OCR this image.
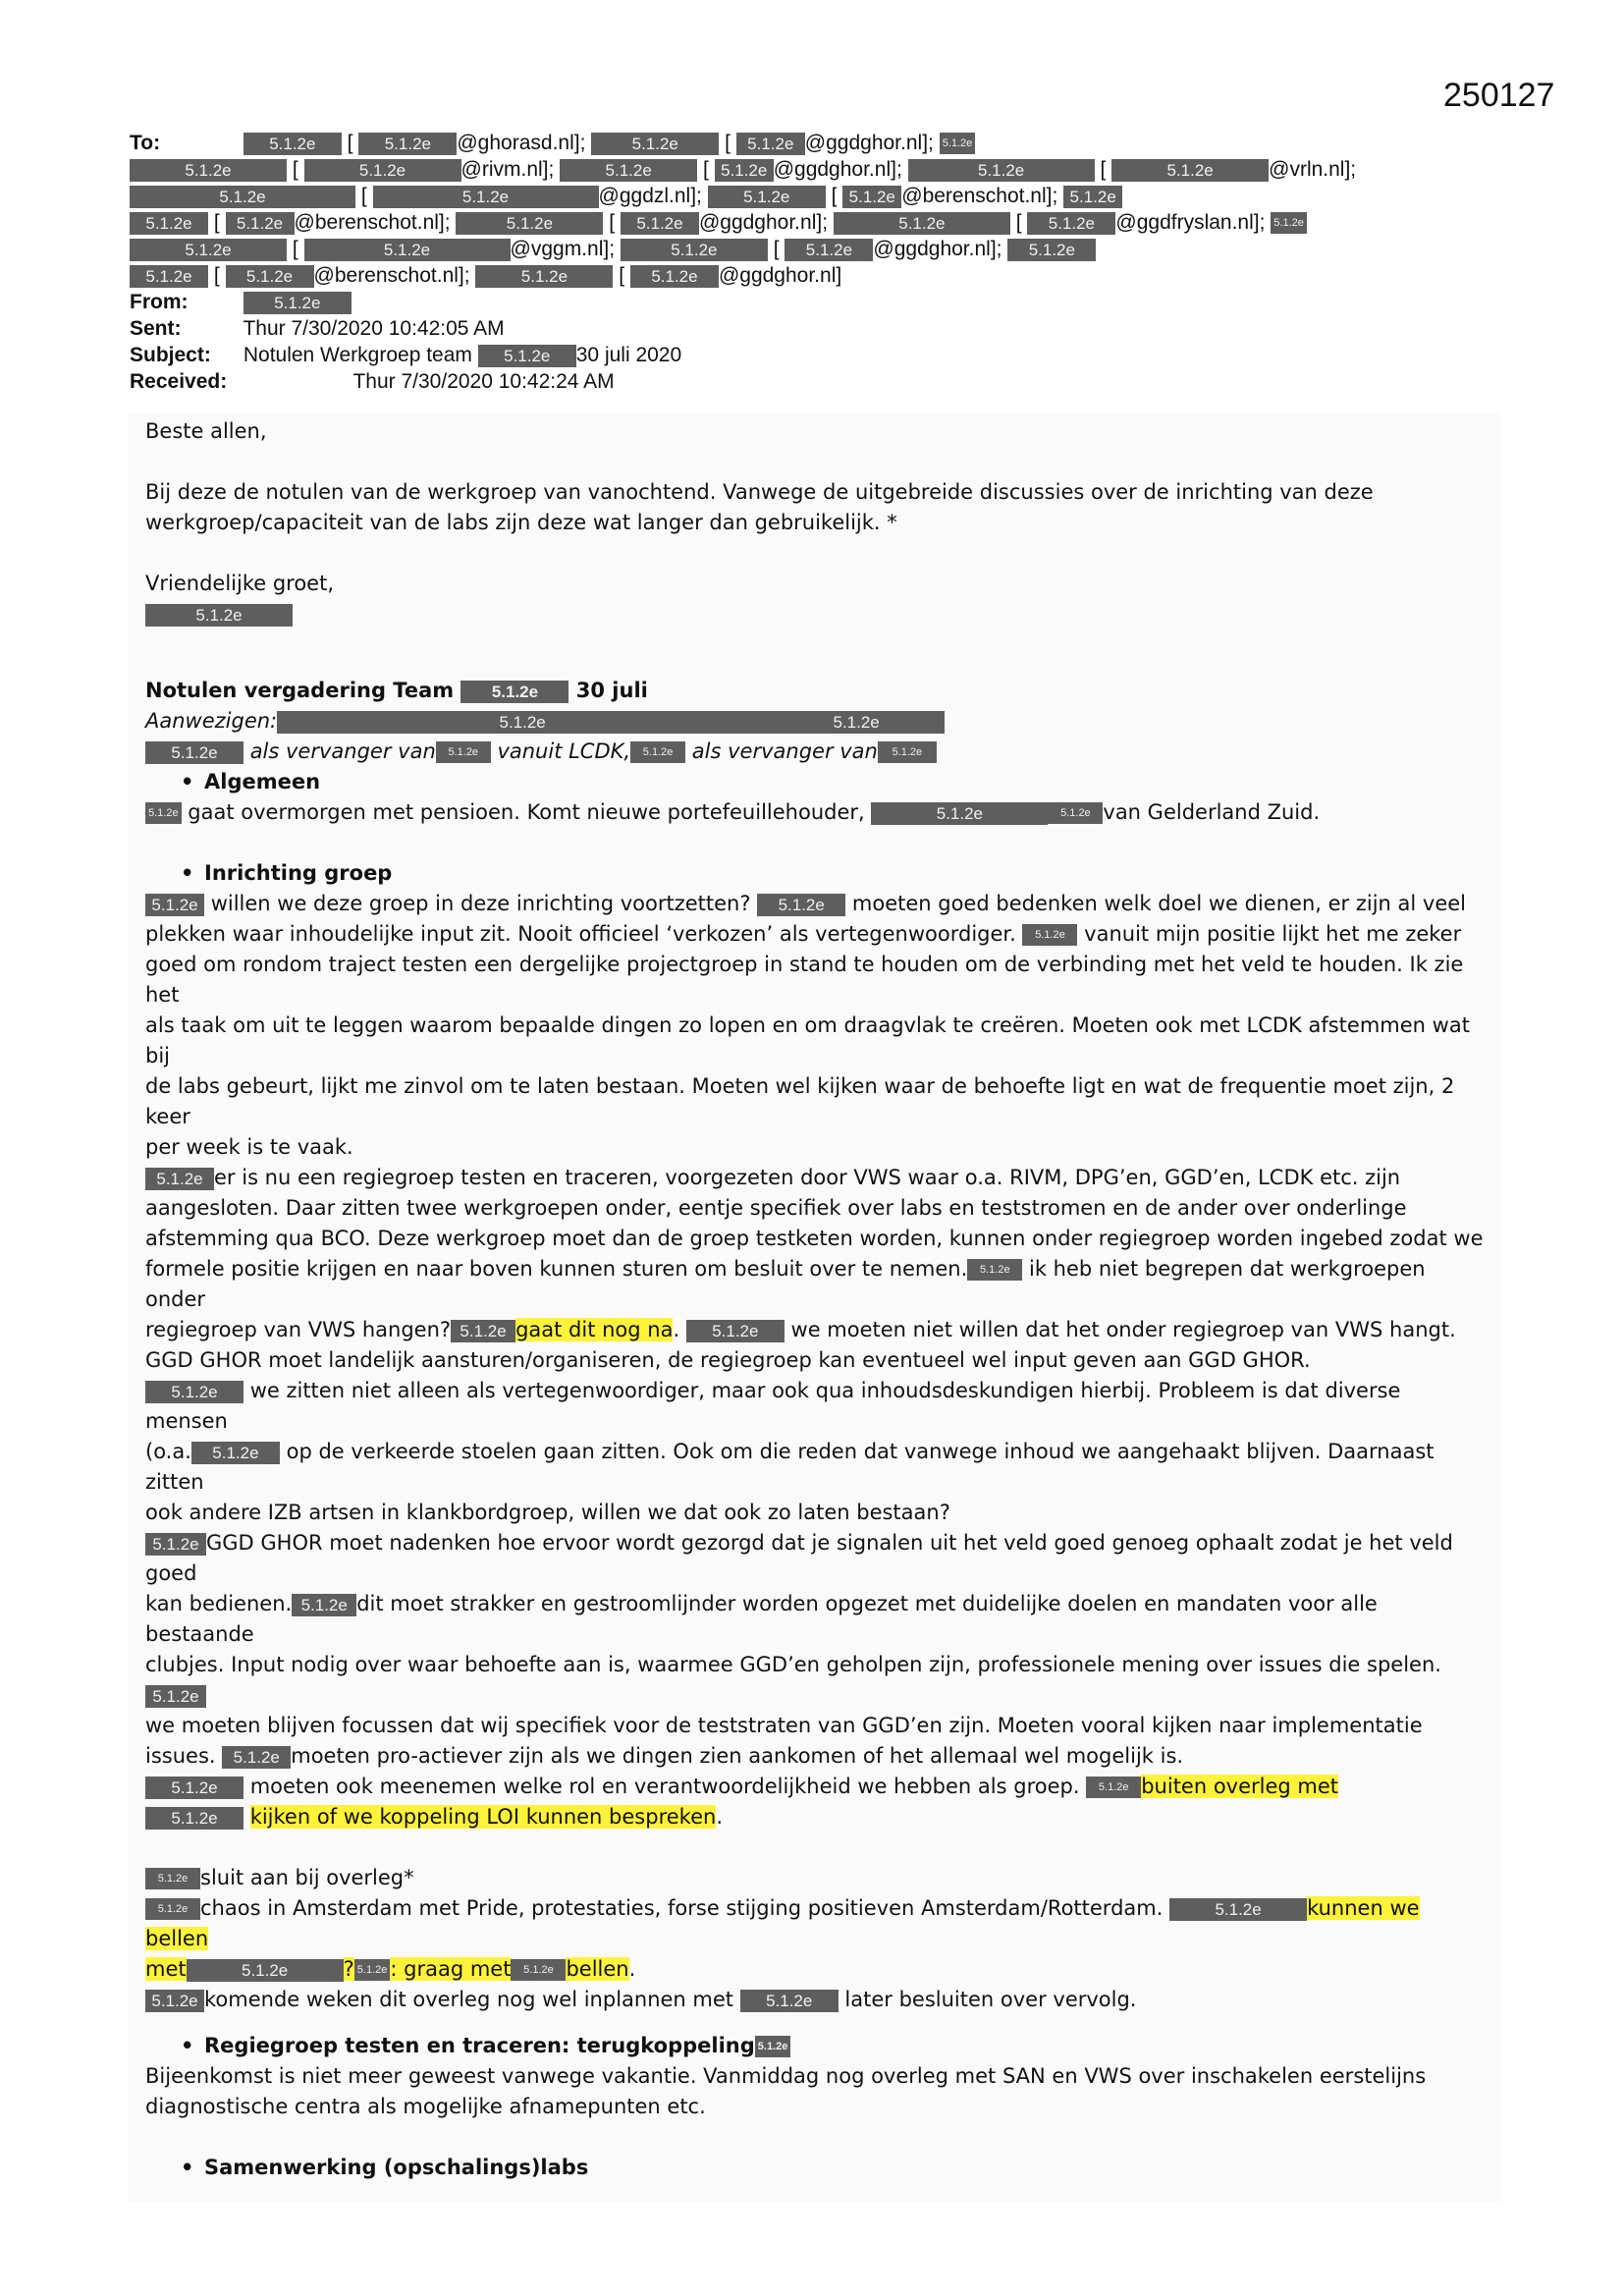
250127
To:	5.1.2e [ 5.1.2e @ghorasd.nl];	5.1.2e [ 5.1.2e @ggdghor.nl]; 5.1.2e
5.1.2e	[	5.1.2e	@rivm.nl];	5.1.2e [ 5.1.2e @ggdghor.nl];	5.1.2e	[	5.1.2e	@vrln.nl];
5.1.2e	[	5.1.2e	@ggdzl.nl]; 5.1.2e [ 5.1.2e @berenschot.nl]; 5.1.2e
5.1.2e [ 5.1.2e @berenschot.nl];	5.1.2e [ 5.1.2e @ggdghor.nl];	5.1.2e	[ 5.1.2e @ggdfryslan.nl]; 5.1.2e
5.1.2e	[	5.1.2e	@vggm.nl];	5.1.2e [ 5.1.2e @ggdghor.nl]; 5.1.2e
5.1.2e [ 5.1.2e @berenschot.nl];	5.1.2e [ 5.1.2e @ggdghor.nl]
From:	5.1.2e
Sent:	Thur 7/30/2020 10:42:05 AM
Subject: Notulen Werkgroep team 5.1.2e 30 juli 2020
Received:	Thur 7/30/2020 10:42:24 AM

Beste allen,

Bij deze de notulen van de werkgroep van vanochtend. Vanwege de uitgebreide discussies over de inrichting van deze

werkgroep/capaciteit van de labs zijn deze wat langer dan gebruikelijk. *

Vriendelijke groet,

5.1.2e

Notulen vergadering Team 5.1.2e 30 juli

Aanwezigen:	5.1.2e	5.1.2e

5.1.2e als vervanger van 5.1.2e vanuit LCDK, 5.1.2e als vervanger van 5.1.2e

• Algemeen

5.1.2e gaat overmorgen met pensioen. Komt nieuwe portefeuillehouder,	5.1.2e	5.1.2e van Gelderland Zuid.

• Inrichting groep

5.1.2e willen we deze groep in deze inrichting voortzetten? 5.1.2e moeten goed bedenken welk doel we dienen, er zijn al veel

plekken waar inhoudelijke input zit. Nooit officieel ‘verkozen’ als vertegenwoordiger. 5.1.2e vanuit mijn positie lijkt het me zeker

goed om rondom traject testen een dergelijke projectgroep in stand te houden om de verbinding met het veld te houden. Ik zie het

als taak om uit te leggen waarom bepaalde dingen zo lopen en om draagvlak te creëren. Moeten ook met LCDK afstemmen wat bij

de labs gebeurt, lijkt me zinvol om te laten bestaan. Moeten wel kijken waar de behoefte ligt en wat de frequentie moet zijn, 2 keer

per week is te vaak.

5.1.2e er is nu een regiegroep testen en traceren, voorgezeten door VWS waar o.a. RIVM, DPG’en, GGD’en, LCDK etc. zijn

aangesloten. Daar zitten twee werkgroepen onder, eentje specifiek over labs en teststromen en de ander over onderlinge

afstemming qua BCO. Deze werkgroep moet dan de groep testketen worden, kunnen onder regiegroep worden ingebed zodat we

formele positie krijgen en naar boven kunnen sturen om besluit over te nemen. 5.1.2e ik heb niet begrepen dat werkgroepen onder

regiegroep van VWS hangen? 5.1.2e gaat dit nog na. 5.1.2e we moeten niet willen dat het onder regiegroep van VWS hangt.

GGD GHOR moet landelijk aansturen/organiseren, de regiegroep kan eventueel wel input geven aan GGD GHOR.

5.1.2e we zitten niet alleen als vertegenwoordiger, maar ook qua inhoudsdeskundigen hierbij. Probleem is dat diverse mensen

(o.a. 5.1.2e op de verkeerde stoelen gaan zitten. Ook om die reden dat vanwege inhoud we aangehaakt blijven. Daarnaast zitten

ook andere IZB artsen in klankbordgroep, willen we dat ook zo laten bestaan?

5.1.2e GGD GHOR moet nadenken hoe ervoor wordt gezorgd dat je signalen uit het veld goed genoeg ophaalt zodat je het veld goed

kan bedienen. 5.1.2e dit moet strakker en gestroomlijnder worden opgezet met duidelijke doelen en mandaten voor alle bestaande

clubjes. Input nodig over waar behoefte aan is, waarmee GGD’en geholpen zijn, professionele mening over issues die spelen.5.1.2e

we moeten blijven focussen dat wij specifiek voor de teststraten van GGD’en zijn. Moeten vooral kijken naar implementatie

issues. 5.1.2e moeten pro-actiever zijn als we dingen zien aankomen of het allemaal wel mogelijk is.

5.1.2e moeten ook meenemen welke rol en verantwoordelijkheid we hebben als groep. 5.1.2e buiten overleg met

5.1.2e kijken of we koppeling LOI kunnen bespreken.

5.1.2e sluit aan bij overleg*

5.1.2e chaos in Amsterdam met Pride, protestaties, forse stijging positieven Amsterdam/Rotterdam.	5.1.2e kunnen we bellen

met	5.1.2e	? 5.1.2e : graag met 5.1.2e bellen.

5.1.2e komende weken dit overleg nog wel inplannen met 5.1.2e later besluiten over vervolg.

• Regiegroep testen en traceren: terugkoppeling 5.1.2e

Bijeenkomst is niet meer geweest vanwege vakantie. Vanmiddag nog overleg met SAN en VWS over inschakelen eerstelijns

diagnostische centra als mogelijke afnamepunten etc.

• Samenwerking (opschalings)labs
